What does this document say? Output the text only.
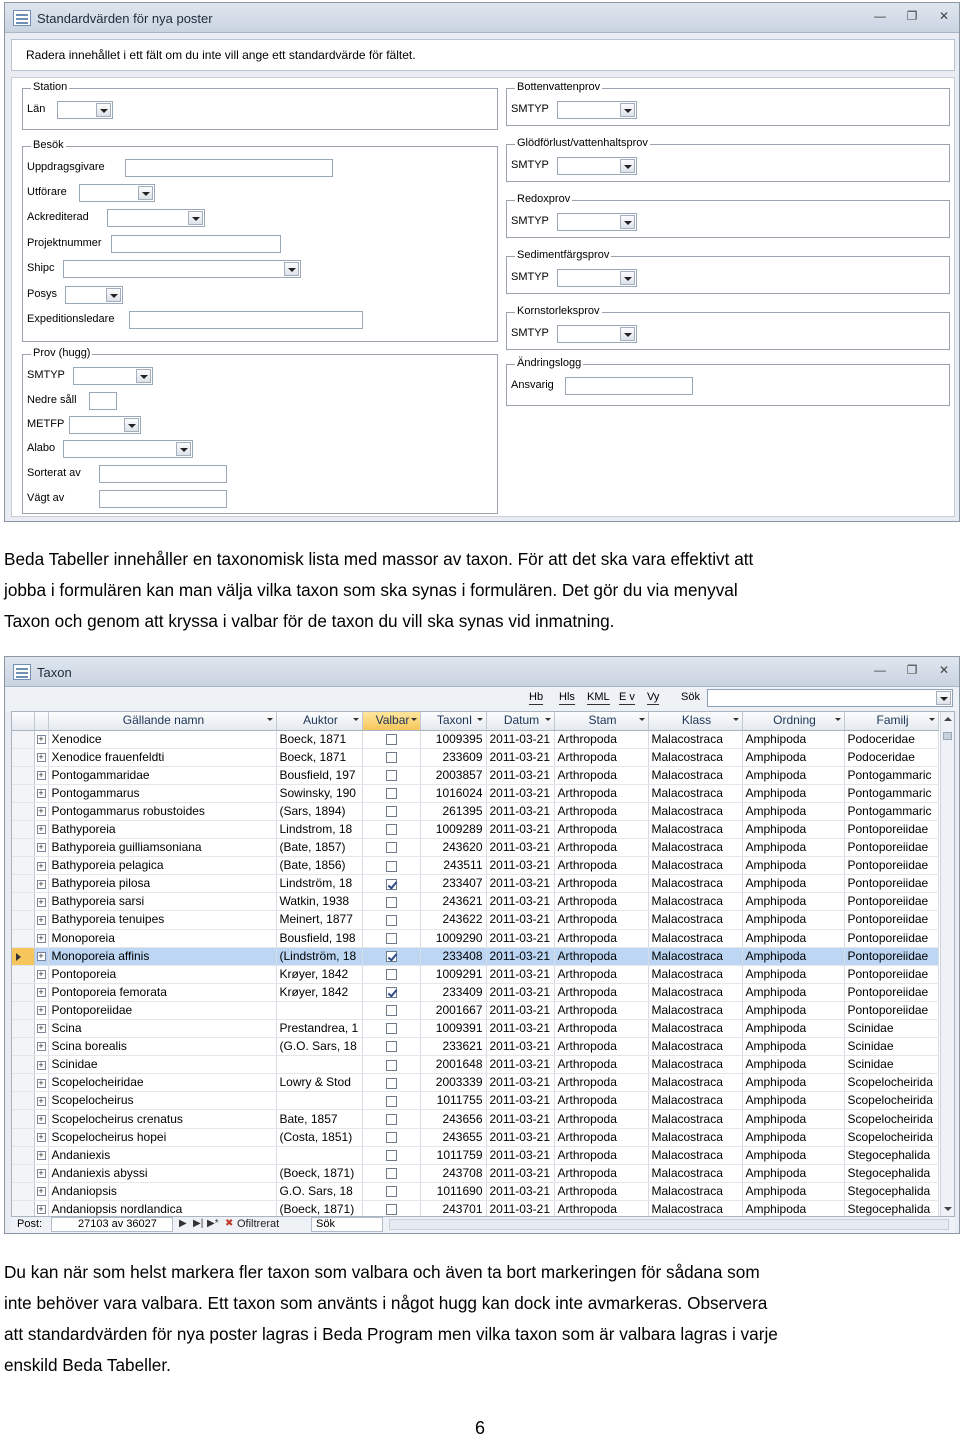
Standardvärden för nya poster	— ❐ ✕
Radera innehållet i ett fält om du inte vill ange ett standardvärde för fältet.
Station
Län
Besök
Uppdragsgivare
Utförare
Ackrediterad
Projektnummer
Shipc
Posys
Expeditionsledare
Prov (hugg)
SMTYP
Nedre såll
METFP
Alabo
Sorterat av
Vägt av
Bottenvattenprov
SMTYP
Glödförlust/vattenhaltsprov
SMTYP
Redoxprov
SMTYP
Sedimentfärgsprov
SMTYP
Kornstorleksprov
SMTYP
Ändringslogg
Ansvarig
Beda Tabeller innehåller en taxonomisk lista med massor av taxon. För att det ska vara effektivt att
jobba i formulären kan man välja vilka taxon som ska synas i formulären. Det gör du via menyval
Taxon och genom att kryssa i valbar för de taxon du vill ska synas vid inmatning.
Taxon	— ❐ ✕
Hb Hls KML E v Vy Sök
		Gällande namn	Auktor	Valbar	TaxonI	Datum	Stam	Klass	Ordning	Familj

	+	Xenodice	Boeck, 1871		1009395	2011-03-21	Arthropoda	Malacostraca	Amphipoda	Podoceridae
	+	Xenodice frauenfeldti	Boeck, 1871		233609	2011-03-21	Arthropoda	Malacostraca	Amphipoda	Podoceridae
	+	Pontogammaridae	Bousfield, 197		2003857	2011-03-21	Arthropoda	Malacostraca	Amphipoda	Pontogammaric
	+	Pontogammarus	Sowinsky, 190		1016024	2011-03-21	Arthropoda	Malacostraca	Amphipoda	Pontogammaric
	+	Pontogammarus robustoides	(Sars, 1894)		261395	2011-03-21	Arthropoda	Malacostraca	Amphipoda	Pontogammaric
	+	Bathyporeia	Lindstrom, 18		1009289	2011-03-21	Arthropoda	Malacostraca	Amphipoda	Pontoporeiidae
	+	Bathyporeia guilliamsoniana	(Bate, 1857)		243620	2011-03-21	Arthropoda	Malacostraca	Amphipoda	Pontoporeiidae
	+	Bathyporeia pelagica	(Bate, 1856)		243511	2011-03-21	Arthropoda	Malacostraca	Amphipoda	Pontoporeiidae
	+	Bathyporeia pilosa	Lindström, 18		233407	2011-03-21	Arthropoda	Malacostraca	Amphipoda	Pontoporeiidae
	+	Bathyporeia sarsi	Watkin, 1938		243621	2011-03-21	Arthropoda	Malacostraca	Amphipoda	Pontoporeiidae
	+	Bathyporeia tenuipes	Meinert, 1877		243622	2011-03-21	Arthropoda	Malacostraca	Amphipoda	Pontoporeiidae
	+	Monoporeia	Bousfield, 198		1009290	2011-03-21	Arthropoda	Malacostraca	Amphipoda	Pontoporeiidae
	+	Monoporeia affinis	(Lindström, 18		233408	2011-03-21	Arthropoda	Malacostraca	Amphipoda	Pontoporeiidae
	+	Pontoporeia	Krøyer, 1842		1009291	2011-03-21	Arthropoda	Malacostraca	Amphipoda	Pontoporeiidae
	+	Pontoporeia femorata	Krøyer, 1842		233409	2011-03-21	Arthropoda	Malacostraca	Amphipoda	Pontoporeiidae
	+	Pontoporeiidae			2001667	2011-03-21	Arthropoda	Malacostraca	Amphipoda	Pontoporeiidae
	+	Scina	Prestandrea, 1		1009391	2011-03-21	Arthropoda	Malacostraca	Amphipoda	Scinidae
	+	Scina borealis	(G.O. Sars, 18		233621	2011-03-21	Arthropoda	Malacostraca	Amphipoda	Scinidae
	+	Scinidae			2001648	2011-03-21	Arthropoda	Malacostraca	Amphipoda	Scinidae
	+	Scopelocheiridae	Lowry & Stod		2003339	2011-03-21	Arthropoda	Malacostraca	Amphipoda	Scopelocheirida
	+	Scopelocheirus			1011755	2011-03-21	Arthropoda	Malacostraca	Amphipoda	Scopelocheirida
	+	Scopelocheirus crenatus	Bate, 1857		243656	2011-03-21	Arthropoda	Malacostraca	Amphipoda	Scopelocheirida
	+	Scopelocheirus hopei	(Costa, 1851)		243655	2011-03-21	Arthropoda	Malacostraca	Amphipoda	Scopelocheirida
	+	Andaniexis			1011759	2011-03-21	Arthropoda	Malacostraca	Amphipoda	Stegocephalida
	+	Andaniexis abyssi	(Boeck, 1871)		243708	2011-03-21	Arthropoda	Malacostraca	Amphipoda	Stegocephalida
	+	Andaniopsis	G.O. Sars, 18		1011690	2011-03-21	Arthropoda	Malacostraca	Amphipoda	Stegocephalida
	+	Andaniopsis nordlandica	(Boeck, 1871)		243701	2011-03-21	Arthropoda	Malacostraca	Amphipoda	Stegocephalida
Post:	27103 av 36027	▶ ▶| ▶* ✖ Ofiltrerat	Sök
Du kan när som helst markera fler taxon som valbara och även ta bort markeringen för sådana som
inte behöver vara valbara. Ett taxon som använts i något hugg kan dock inte avmarkeras. Observera
att standardvärden för nya poster lagras i Beda Program men vilka taxon som är valbara lagras i varje
enskild Beda Tabeller.
6
